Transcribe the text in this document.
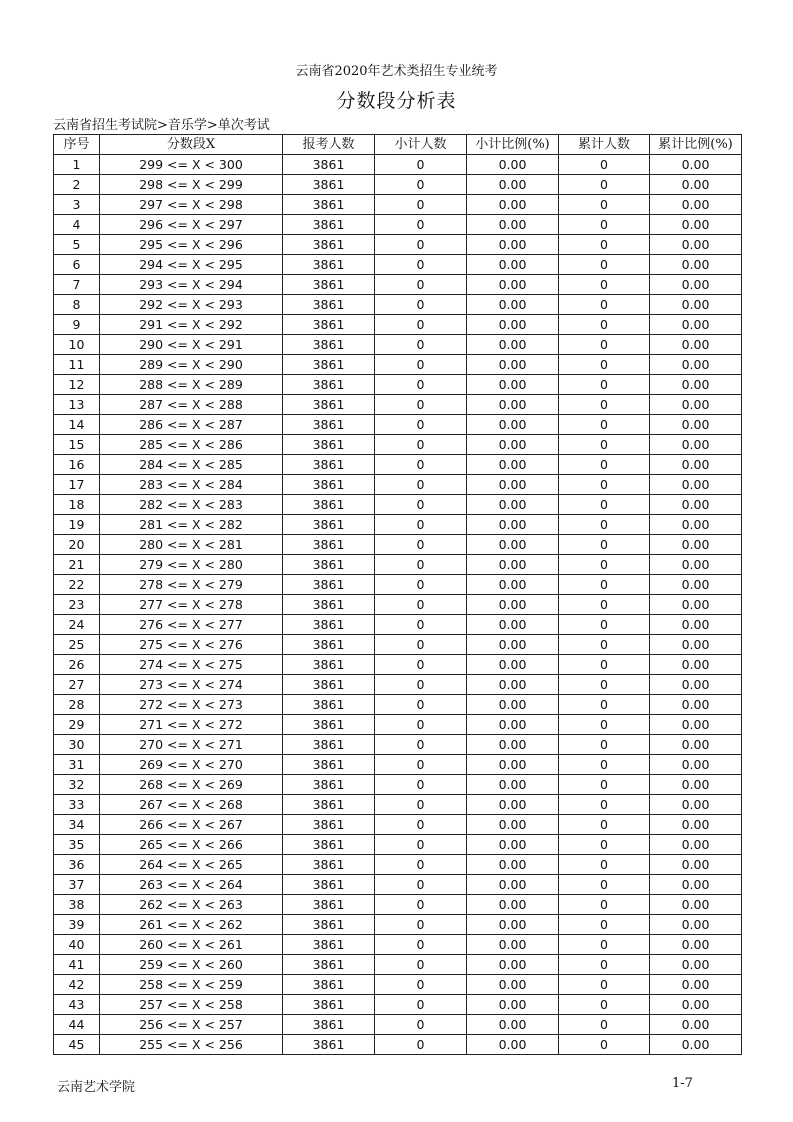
云南省2020年艺术类招生专业统考
分数段分析表
云南省招生考试院>音乐学>单次考试
序号	分数段X	报考人数	小计人数	小计比例(%)	累计人数	累计比例(%)
1	299 <= X < 300	3861	0	0.00	0	0.00
2	298 <= X < 299	3861	0	0.00	0	0.00
3	297 <= X < 298	3861	0	0.00	0	0.00
4	296 <= X < 297	3861	0	0.00	0	0.00
5	295 <= X < 296	3861	0	0.00	0	0.00
6	294 <= X < 295	3861	0	0.00	0	0.00
7	293 <= X < 294	3861	0	0.00	0	0.00
8	292 <= X < 293	3861	0	0.00	0	0.00
9	291 <= X < 292	3861	0	0.00	0	0.00
10	290 <= X < 291	3861	0	0.00	0	0.00
11	289 <= X < 290	3861	0	0.00	0	0.00
12	288 <= X < 289	3861	0	0.00	0	0.00
13	287 <= X < 288	3861	0	0.00	0	0.00
14	286 <= X < 287	3861	0	0.00	0	0.00
15	285 <= X < 286	3861	0	0.00	0	0.00
16	284 <= X < 285	3861	0	0.00	0	0.00
17	283 <= X < 284	3861	0	0.00	0	0.00
18	282 <= X < 283	3861	0	0.00	0	0.00
19	281 <= X < 282	3861	0	0.00	0	0.00
20	280 <= X < 281	3861	0	0.00	0	0.00
21	279 <= X < 280	3861	0	0.00	0	0.00
22	278 <= X < 279	3861	0	0.00	0	0.00
23	277 <= X < 278	3861	0	0.00	0	0.00
24	276 <= X < 277	3861	0	0.00	0	0.00
25	275 <= X < 276	3861	0	0.00	0	0.00
26	274 <= X < 275	3861	0	0.00	0	0.00
27	273 <= X < 274	3861	0	0.00	0	0.00
28	272 <= X < 273	3861	0	0.00	0	0.00
29	271 <= X < 272	3861	0	0.00	0	0.00
30	270 <= X < 271	3861	0	0.00	0	0.00
31	269 <= X < 270	3861	0	0.00	0	0.00
32	268 <= X < 269	3861	0	0.00	0	0.00
33	267 <= X < 268	3861	0	0.00	0	0.00
34	266 <= X < 267	3861	0	0.00	0	0.00
35	265 <= X < 266	3861	0	0.00	0	0.00
36	264 <= X < 265	3861	0	0.00	0	0.00
37	263 <= X < 264	3861	0	0.00	0	0.00
38	262 <= X < 263	3861	0	0.00	0	0.00
39	261 <= X < 262	3861	0	0.00	0	0.00
40	260 <= X < 261	3861	0	0.00	0	0.00
41	259 <= X < 260	3861	0	0.00	0	0.00
42	258 <= X < 259	3861	0	0.00	0	0.00
43	257 <= X < 258	3861	0	0.00	0	0.00
44	256 <= X < 257	3861	0	0.00	0	0.00
45	255 <= X < 256	3861	0	0.00	0	0.00
云南艺术学院	1-7
